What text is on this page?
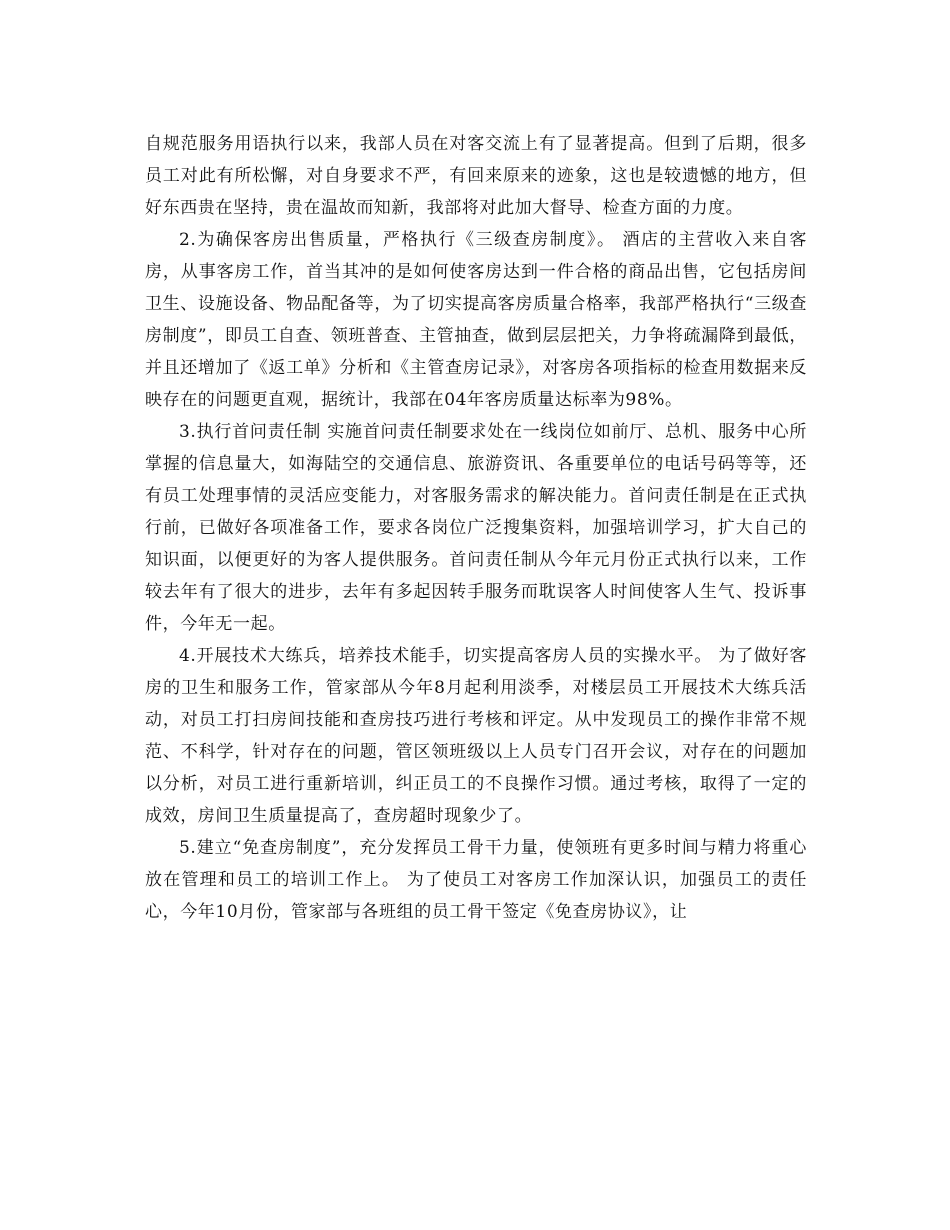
自规范服务用语执行以来，我部人员在对客交流上有了显著提高。但到了后期，很多员工对此有所松懈，对自身要求不严，有回来原来的迹象，这也是较遗憾的地方，但好东西贵在坚持，贵在温故而知新，我部将对此加大督导、检查方面的力度。

2.为确保客房出售质量，严格执行《三级查房制度》。 酒店的主营收入来自客房，从事客房工作，首当其冲的是如何使客房达到一件合格的商品出售，它包括房间卫生、设施设备、物品配备等，为了切实提高客房质量合格率，我部严格执行“三级查房制度”，即员工自查、领班普查、主管抽查，做到层层把关，力争将疏漏降到最低，并且还增加了《返工单》分析和《主管查房记录》，对客房各项指标的检查用数据来反映存在的问题更直观，据统计，我部在04年客房质量达标率为98%。

3.执行首问责任制 实施首问责任制要求处在一线岗位如前厅、总机、服务中心所掌握的信息量大，如海陆空的交通信息、旅游资讯、各重要单位的电话号码等等，还有员工处理事情的灵活应变能力，对客服务需求的解决能力。首问责任制是在正式执行前，已做好各项准备工作，要求各岗位广泛搜集资料，加强培训学习，扩大自己的知识面，以便更好的为客人提供服务。首问责任制从今年元月份正式执行以来，工作较去年有了很大的进步，去年有多起因转手服务而耽误客人时间使客人生气、投诉事件，今年无一起。

4.开展技术大练兵，培养技术能手，切实提高客房人员的实操水平。 为了做好客房的卫生和服务工作，管家部从今年8月起利用淡季，对楼层员工开展技术大练兵活动，对员工打扫房间技能和查房技巧进行考核和评定。从中发现员工的操作非常不规范、不科学，针对存在的问题，管区领班级以上人员专门召开会议，对存在的问题加以分析，对员工进行重新培训，纠正员工的不良操作习惯。通过考核，取得了一定的成效，房间卫生质量提高了，查房超时现象少了。

5.建立“免查房制度”，充分发挥员工骨干力量，使领班有更多时间与精力将重心放在管理和员工的培训工作上。 为了使员工对客房工作加深认识，加强员工的责任心，今年10月份，管家部与各班组的员工骨干签定《免查房协议》，让
